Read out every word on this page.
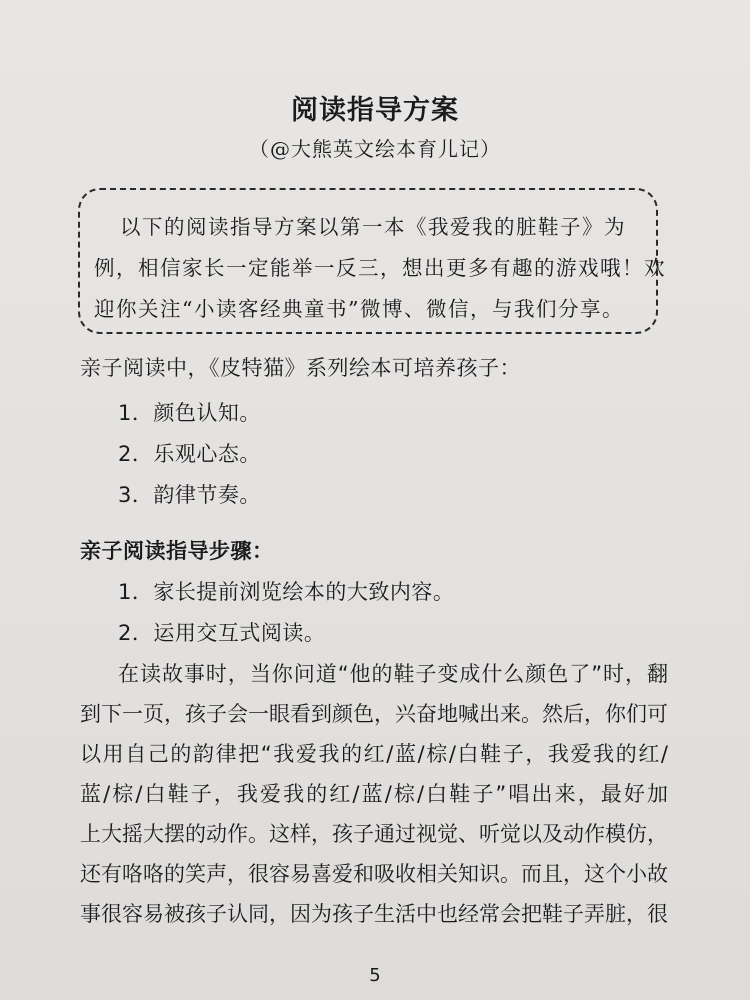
阅读指导方案
（@大熊英文绘本育儿记）
以下的阅读指导方案以第一本《我爱我的脏鞋子》为
例，相信家长一定能举一反三，想出更多有趣的游戏哦！欢
迎你关注“小读客经典童书”微博、微信，与我们分享。
亲子阅读中，《皮特猫》系列绘本可培养孩子：
1．颜色认知。
2．乐观心态。
3．韵律节奏。
亲子阅读指导步骤：
1．家长提前浏览绘本的大致内容。
2．运用交互式阅读。
在读故事时，当你问道“他的鞋子变成什么颜色了”时，翻
到下一页，孩子会一眼看到颜色，兴奋地喊出来。然后，你们可
以用自己的韵律把“我爱我的红/蓝/棕/白鞋子，我爱我的红/
蓝/棕/白鞋子，我爱我的红/蓝/棕/白鞋子”唱出来，最好加
上大摇大摆的动作。这样，孩子通过视觉、听觉以及动作模仿，
还有咯咯的笑声，很容易喜爱和吸收相关知识。而且，这个小故
事很容易被孩子认同，因为孩子生活中也经常会把鞋子弄脏，很
5
